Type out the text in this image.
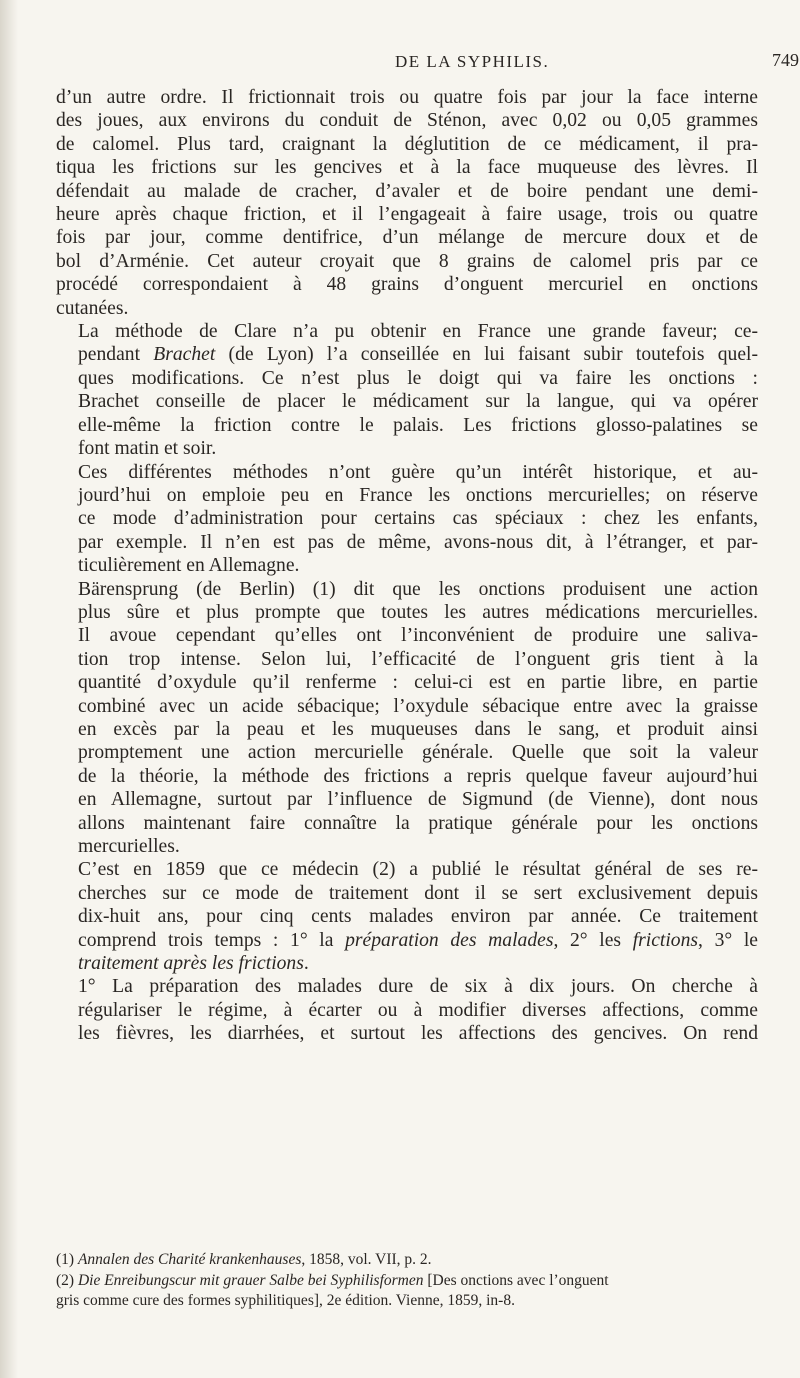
DE LA SYPHILIS.	749

d’un autre ordre. Il frictionnait trois ou quatre fois par jour la face interne
des joues, aux environs du conduit de Sténon, avec 0,02 ou 0,05 grammes
de calomel. Plus tard, craignant la déglutition de ce médicament, il pra-
tiqua les frictions sur les gencives et à la face muqueuse des lèvres. Il
défendait au malade de cracher, d’avaler et de boire pendant une demi-
heure après chaque friction, et il l’engageait à faire usage, trois ou quatre
fois par jour, comme dentifrice, d’un mélange de mercure doux et de
bol d’Arménie. Cet auteur croyait que 8 grains de calomel pris par ce
procédé correspondaient à 48 grains d’onguent mercuriel en onctions
cutanées.

La méthode de Clare n’a pu obtenir en France une grande faveur; ce-
pendant Brachet (de Lyon) l’a conseillée en lui faisant subir toutefois quel-
ques modifications. Ce n’est plus le doigt qui va faire les onctions :
Brachet conseille de placer le médicament sur la langue, qui va opérer
elle-même la friction contre le palais. Les frictions glosso-palatines se
font matin et soir.

Ces différentes méthodes n’ont guère qu’un intérêt historique, et au-
jourd’hui on emploie peu en France les onctions mercurielles; on réserve
ce mode d’administration pour certains cas spéciaux : chez les enfants,
par exemple. Il n’en est pas de même, avons-nous dit, à l’étranger, et par-
ticulièrement en Allemagne.

Bärensprung (de Berlin) (1) dit que les onctions produisent une action
plus sûre et plus prompte que toutes les autres médications mercurielles.
Il avoue cependant qu’elles ont l’inconvénient de produire une saliva-
tion trop intense. Selon lui, l’efficacité de l’onguent gris tient à la
quantité d’oxydule qu’il renferme : celui-ci est en partie libre, en partie
combiné avec un acide sébacique; l’oxydule sébacique entre avec la graisse
en excès par la peau et les muqueuses dans le sang, et produit ainsi
promptement une action mercurielle générale. Quelle que soit la valeur
de la théorie, la méthode des frictions a repris quelque faveur aujourd’hui
en Allemagne, surtout par l’influence de Sigmund (de Vienne), dont nous
allons maintenant faire connaître la pratique générale pour les onctions
mercurielles.

C’est en 1859 que ce médecin (2) a publié le résultat général de ses re-
cherches sur ce mode de traitement dont il se sert exclusivement depuis
dix-huit ans, pour cinq cents malades environ par année. Ce traitement
comprend trois temps : 1° la préparation des malades, 2° les frictions, 3° le
traitement après les frictions.

1° La préparation des malades dure de six à dix jours. On cherche à
régulariser le régime, à écarter ou à modifier diverses affections, comme
les fièvres, les diarrhées, et surtout les affections des gencives. On rend

(1) Annalen des Charité krankenhauses, 1858, vol. VII, p. 2.

(2) Die Enreibungscur mit grauer Salbe bei Syphilisformen [Des onctions avec l’onguent

gris comme cure des formes syphilitiques], 2e édition. Vienne, 1859, in-8.
